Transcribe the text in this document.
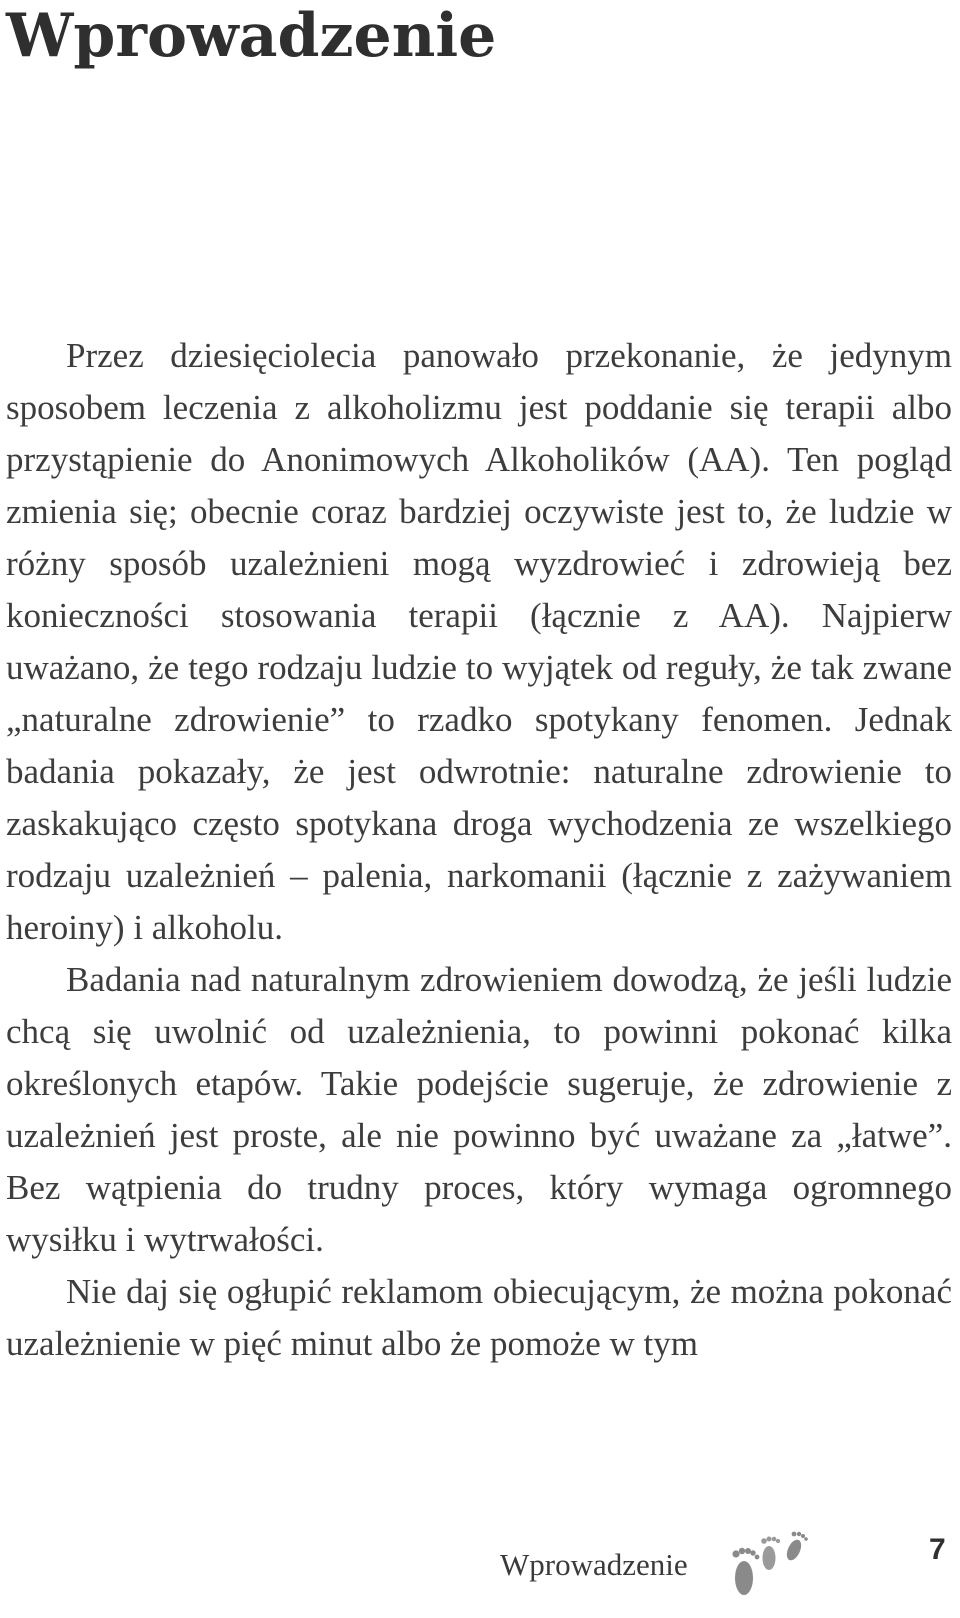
Wprowadzenie

Przez dziesięciolecia panowało przekonanie, że jedynym sposobem leczenia z alkoholizmu jest poddanie się terapii albo przystąpienie do Anonimowych Alkoholików (AA). Ten pogląd zmienia się; obecnie coraz bardziej oczywiste jest to, że ludzie w różny sposób uzależnieni mogą wyzdrowieć i zdrowieją bez konieczności stosowania terapii (łącznie z AA). Najpierw uważano, że tego rodzaju ludzie to wyjątek od reguły, że tak zwane „naturalne zdrowienie” to rzadko spotykany fenomen. Jednak badania pokazały, że jest odwrotnie: naturalne zdrowienie to zaskakująco często spotykana droga wychodzenia ze wszelkiego rodzaju uzależnień – palenia, narkomanii (łącznie z zażywaniem heroiny) i alkoholu.

Badania nad naturalnym zdrowieniem dowodzą, że jeśli ludzie chcą się uwolnić od uzależnienia, to powinni pokonać kilka określonych etapów. Takie podejście sugeruje, że zdrowienie z uzależnień jest proste, ale nie powinno być uważane za „łatwe”. Bez wątpienia do trudny proces, który wymaga ogromnego wysiłku i wytrwałości.

Nie daj się ogłupić reklamom obiecującym, że można pokonać uzależnienie w pięć minut albo że pomoże w tym

Wprowadzenie	7
